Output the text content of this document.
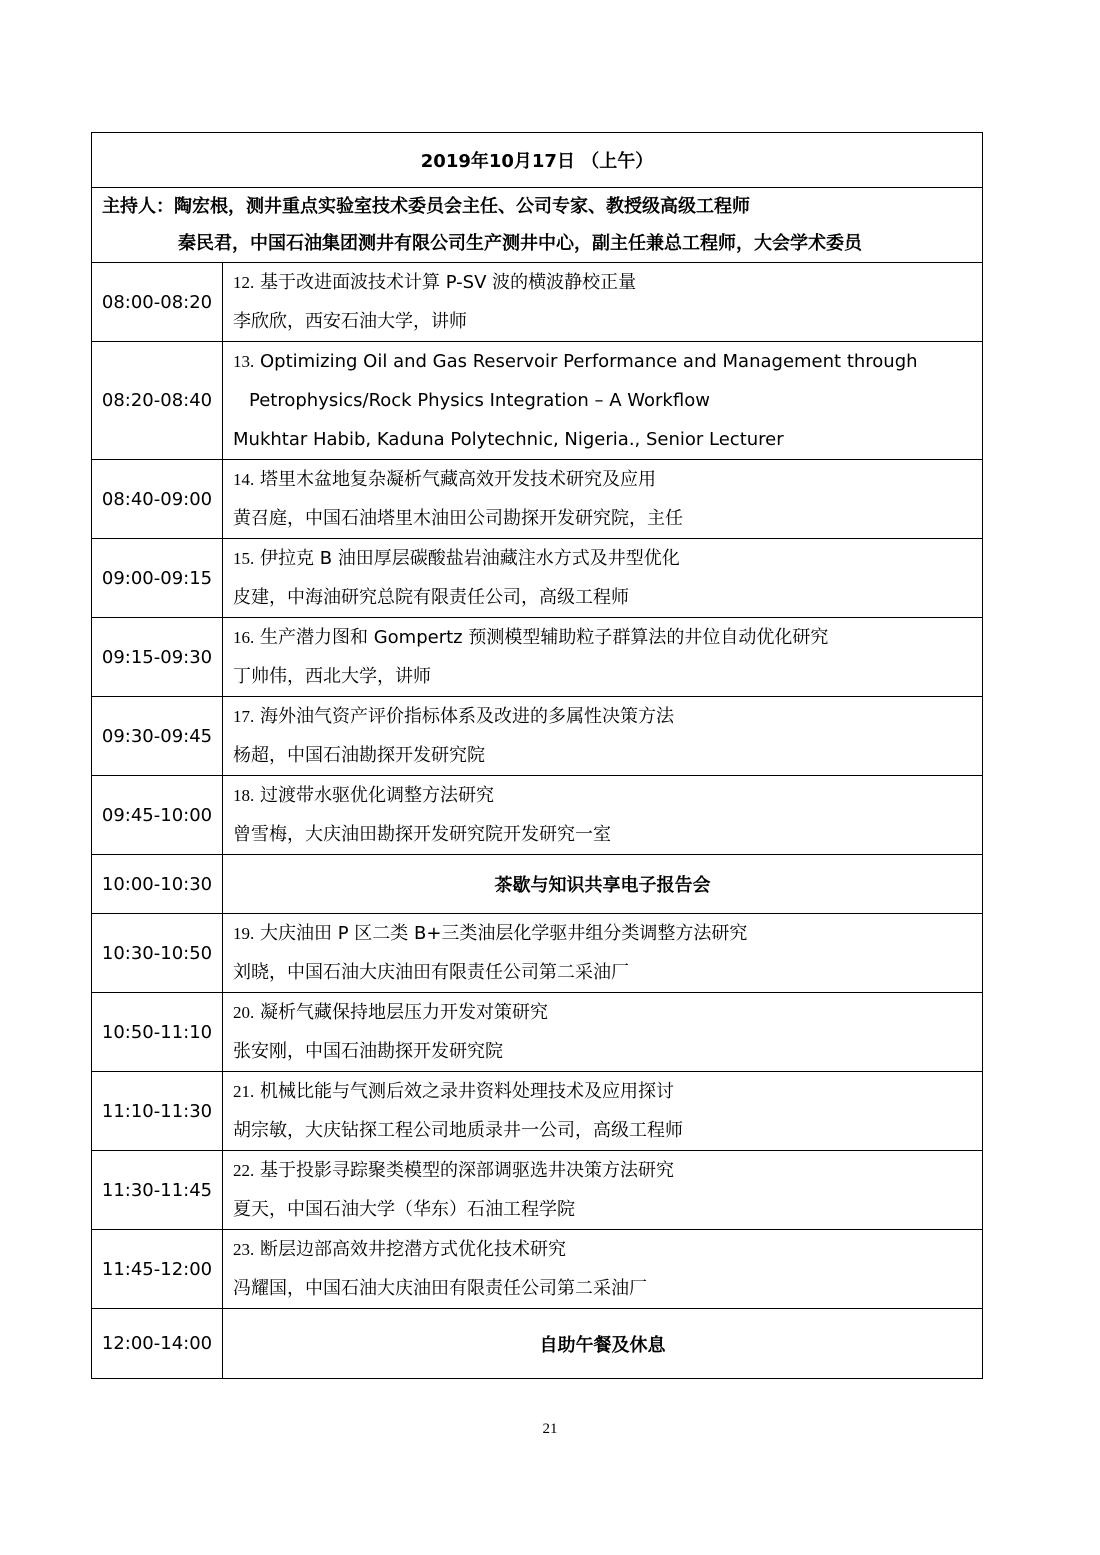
2019年10月17日 （上午）	

主持人：陶宏根，测井重点实验室技术委员会主任、公司专家、教授级高级工程师
秦民君，中国石油集团测井有限公司生产测井中心，副主任兼总工程师，大会学术委员	

08:00-08:20	12. 基于改进面波技术计算 P-SV 波的横波静校正量
李欣欣，西安石油大学，讲师

08:20-08:40	13. Optimizing Oil and Gas Reservoir Performance and Management through
Petrophysics/Rock Physics Integration – A Workflow
Mukhtar Habib, Kaduna Polytechnic, Nigeria., Senior Lecturer

08:40-09:00	14. 塔里木盆地复杂凝析气藏高效开发技术研究及应用
黄召庭，中国石油塔里木油田公司勘探开发研究院，主任

09:00-09:15	15. 伊拉克 B 油田厚层碳酸盐岩油藏注水方式及井型优化
皮建，中海油研究总院有限责任公司，高级工程师

09:15-09:30	16. 生产潜力图和 Gompertz 预测模型辅助粒子群算法的井位自动优化研究
丁帅伟，西北大学，讲师

09:30-09:45	17. 海外油气资产评价指标体系及改进的多属性决策方法
杨超，中国石油勘探开发研究院

09:45-10:00	18. 过渡带水驱优化调整方法研究
曾雪梅，大庆油田勘探开发研究院开发研究一室

10:00-10:30	茶歇与知识共享电子报告会
10:30-10:50	19. 大庆油田 P 区二类 B+三类油层化学驱井组分类调整方法研究
刘晓，中国石油大庆油田有限责任公司第二采油厂

10:50-11:10	20. 凝析气藏保持地层压力开发对策研究
张安刚，中国石油勘探开发研究院

11:10-11:30	21. 机械比能与气测后效之录井资料处理技术及应用探讨
胡宗敏，大庆钻探工程公司地质录井一公司，高级工程师

11:30-11:45	22. 基于投影寻踪聚类模型的深部调驱选井决策方法研究
夏天，中国石油大学（华东）石油工程学院

11:45-12:00	23. 断层边部高效井挖潜方式优化技术研究
冯耀国，中国石油大庆油田有限责任公司第二采油厂

12:00-14:00	自助午餐及休息
21
